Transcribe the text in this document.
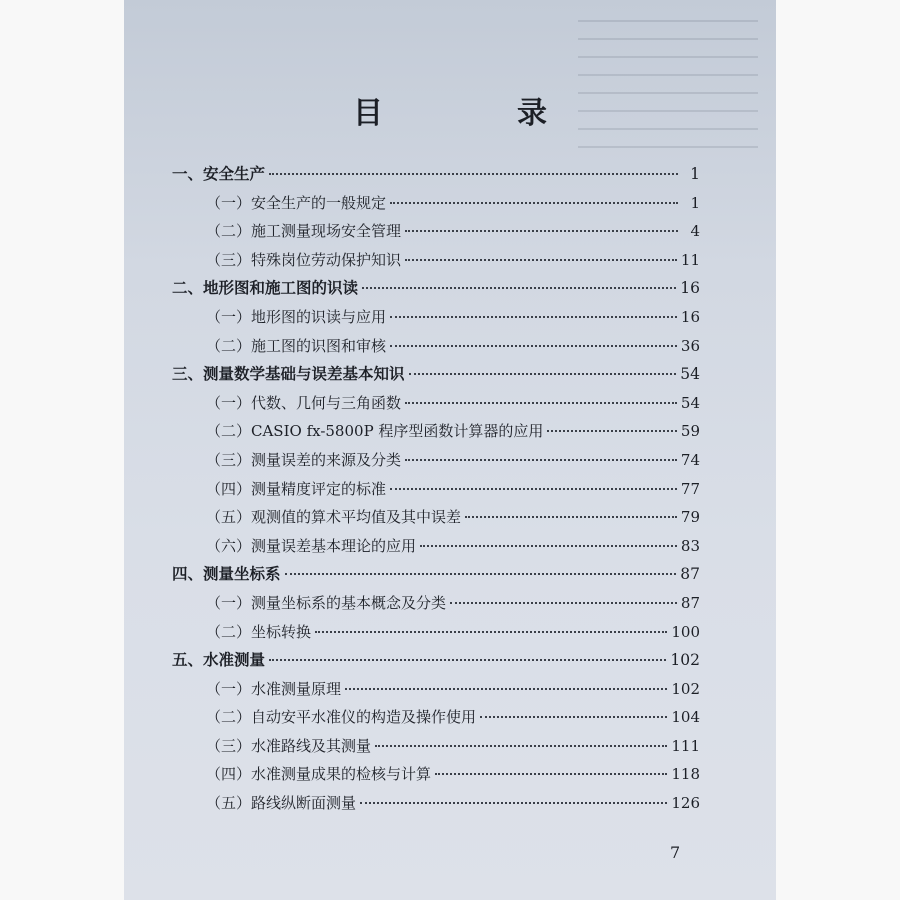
目　录
一、安全生产	1
（一）安全生产的一般规定	1
（二）施工测量现场安全管理	4
（三）特殊岗位劳动保护知识	11
二、地形图和施工图的识读	16
（一）地形图的识读与应用	16
（二）施工图的识图和审核	36
三、测量数学基础与误差基本知识	54
（一）代数、几何与三角函数	54
（二）CASIO fx-5800P 程序型函数计算器的应用	59
（三）测量误差的来源及分类	74
（四）测量精度评定的标准	77
（五）观测值的算术平均值及其中误差	79
（六）测量误差基本理论的应用	83
四、测量坐标系	87
（一）测量坐标系的基本概念及分类	87
（二）坐标转换	100
五、水准测量	102
（一）水准测量原理	102
（二）自动安平水准仪的构造及操作使用	104
（三）水准路线及其测量	111
（四）水准测量成果的检核与计算	118
（五）路线纵断面测量	126
7
